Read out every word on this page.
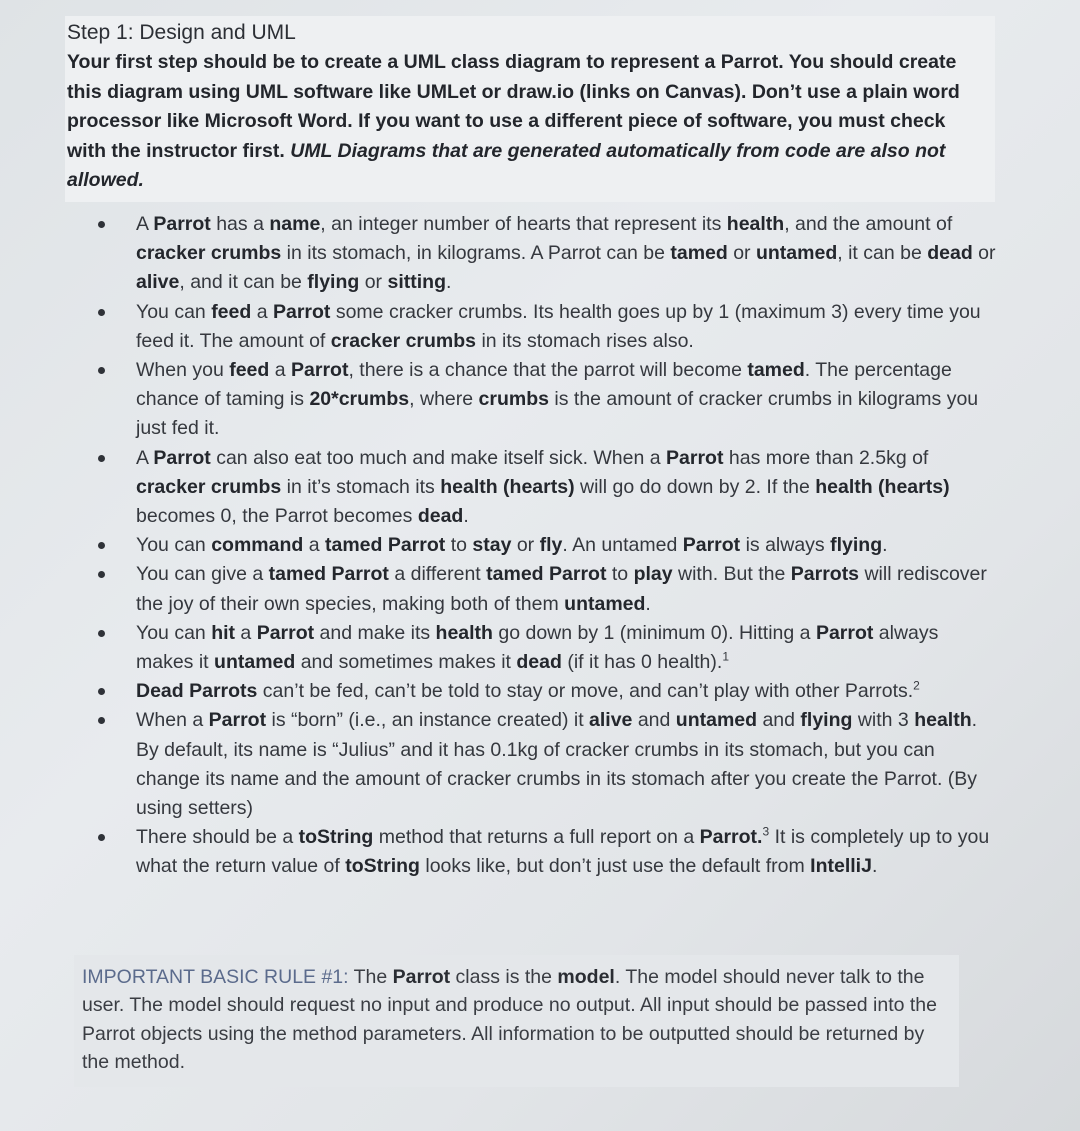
Step 1: Design and UML

Your first step should be to create a UML class diagram to represent a Parrot. You should create this diagram using UML software like UMLet or draw.io (links on Canvas). Don’t use a plain word processor like Microsoft Word. If you want to use a different piece of software, you must check with the instructor first. UML Diagrams that are generated automatically from code are also not allowed.

A Parrot has a name, an integer number of hearts that represent its health, and the amount of cracker crumbs in its stomach, in kilograms. A Parrot can be tamed or untamed, it can be dead or alive, and it can be flying or sitting.
You can feed a Parrot some cracker crumbs. Its health goes up by 1 (maximum 3) every time you feed it. The amount of cracker crumbs in its stomach rises also.
When you feed a Parrot, there is a chance that the parrot will become tamed. The percentage chance of taming is 20*crumbs, where crumbs is the amount of cracker crumbs in kilograms you just fed it.
A Parrot can also eat too much and make itself sick. When a Parrot has more than 2.5kg of cracker crumbs in it’s stomach its health (hearts) will go do down by 2. If the health (hearts) becomes 0, the Parrot becomes dead.
You can command a tamed Parrot to stay or fly. An untamed Parrot is always flying.
You can give a tamed Parrot a different tamed Parrot to play with. But the Parrots will rediscover the joy of their own species, making both of them untamed.
You can hit a Parrot and make its health go down by 1 (minimum 0). Hitting a Parrot always makes it untamed and sometimes makes it dead (if it has 0 health).$^1$
Dead Parrots can’t be fed, can’t be told to stay or move, and can’t play with other Parrots.$^2$
When a Parrot is “born” (i.e., an instance created) it alive and untamed and flying with 3 health. By default, its name is “Julius” and it has 0.1kg of cracker crumbs in its stomach, but you can change its name and the amount of cracker crumbs in its stomach after you create the Parrot. (By using setters)
There should be a toString method that returns a full report on a Parrot.$^3$ It is completely up to you what the return value of toString looks like, but don’t just use the default from IntelliJ.
IMPORTANT BASIC RULE #1: The Parrot class is the model. The model should never talk to the user. The model should request no input and produce no output. All input should be passed into the Parrot objects using the method parameters. All information to be outputted should be returned by the method.
